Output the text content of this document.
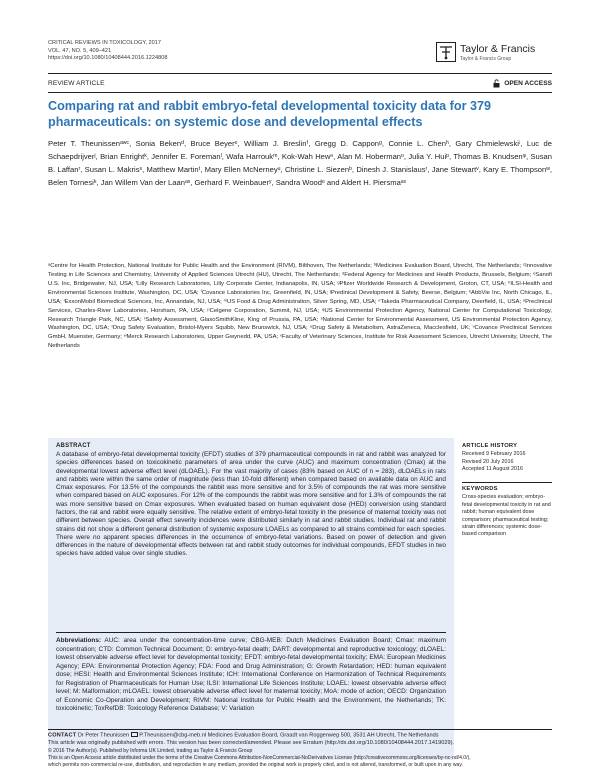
CRITICAL REVIEWS IN TOXICOLOGY, 2017
VOL. 47, NO. 5, 409–421
https://doi.org/10.1080/10408444.2016.1224808
Taylor & Francis
Taylor & Francis Group
REVIEW ARTICLE	OPEN ACCESS
Comparing rat and rabbit embryo-fetal developmental toxicity data for 379 pharmaceuticals: on systemic dose and developmental effects
Peter T. Theunissenᵃʷᶜ, Sonia Bekenᵈ, Bruce Beyerᵉ, William J. Breslinᶠ, Gregg D. Capponᵍ, Connie L. Chenʰ, Gary Chmielewskiⁱ, Luc de Schaepdrijverʲ, Brian Enrightᵏ, Jennifer E. Foremanˡ, Wafa Harroukᵐ, Kok-Wah Hewⁿ, Alan M. Hobermanᵒ, Julia Y. Huiᵖ, Thomas B. Knudsenᵠ, Susan B. Laffanʳ, Susan L. Makrisˢ, Matthew Martinᵗ, Mary Ellen McNerneyᵘ, Christine L. Siezenᵇ, Dinesh J. Stanislausʳ, Jane Stewartᵛ, Kary E. Thompsonʷ, Belen Tornesiᵏ, Jan Willem Van der Laanᵃˣ, Gerhard F. Weinbauerʸ, Sandra Woodᵉ and Aldert H. Piersmaᵃˣ
ᵃCentre for Health Protection, National Institute for Public Health and the Environment (RIVM), Bilthoven, The Netherlands; ᵇMedicines Evaluation Board, Utrecht, The Netherlands; ᶜInnovative Testing in Life Sciences and Chemistry, University of Applied Sciences Utrecht (HU), Utrecht, The Netherlands; ᵈFederal Agency for Medicines and Health Products, Brussels, Belgium; ᵉSanofi U.S. Inc, Bridgewater, NJ, USA; ᶠLilly Research Laboratories, Lilly Corporate Center, Indianapolis, IN, USA; ᵍPfizer Worldwide Research & Development, Groton, CT, USA; ʰILSI-Health and Environmental Sciences Institute, Washington, DC, USA; ⁱCovance Laboratories Inc, Greenfield, IN, USA; ʲPredinical Development & Safety, Beerse, Belgium; ᵏAbbVie Inc, North Chicago, IL, USA; ˡExxonMobil Biomedical Sciences, Inc, Annandale, NJ, USA; ᵐUS Food & Drug Administration, Silver Spring, MD, USA; ⁿTakeda Pharmaceutical Company, Deerfield, IL, USA; ᵒPreclinical Services, Charles-River Laboratories, Horsham, PA, USA; ᵖCelgene Corporation, Summit, NJ, USA; ᵠUS Environmental Protection Agency, National Center for Computational Toxicology, Research Triangle Park, NC, USA; ʳSafety Assessment, GlaxoSmithKline, King of Prussia, PA, USA; ˢNational Center for Environmental Assessment, US Environmental Protection Agency, Washington, DC, USA; ᵗDrug Safety Evaluation, Bristol-Myers Squibb, New Brunswick, NJ, USA; ᵘDrug Safety & Metabolism, AstraZeneca, Macclesfield, UK; ᵛCovance Preclinical Services GmbH, Muenster, Germany; ʷMerck Research Laboratories, Upper Gwynedd, PA, USA; ˣFaculty of Veterinary Sciences, Institute for Risk Assessment Sciences, Utrecht University, Utrecht, The Netherlands
ABSTRACT
A database of embryo-fetal developmental toxicity (EFDT) studies of 379 pharmaceutical compounds in rat and rabbit was analyzed for species differences based on toxicokinetic parameters of area under the curve (AUC) and maximum concentration (Cmax) at the developmental lowest adverse effect level (dLOAEL). For the vast majority of cases (83% based on AUC of n = 283), dLOAELs in rats and rabbits were within the same order of magnitude (less than 10-fold different) when compared based on available data on AUC and Cmax exposures. For 13.5% of the compounds the rabbit was more sensitive and for 3.5% of compounds the rat was more sensitive when compared based on AUC exposures. For 12% of the compounds the rabbit was more sensitive and for 1.3% of compounds the rat was more sensitive based on Cmax exposures. When evaluated based on human equivalent dose (HED) conversion using standard factors, the rat and rabbit were equally sensitive. The relative extent of embryo-fetal toxicity in the presence of maternal toxicity was not different between species. Overall effect severity incidences were distributed similarly in rat and rabbit studies. Individual rat and rabbit strains did not show a different general distribution of systemic exposure LOAELs as compared to all strains combined for each species. There were no apparent species differences in the occurrence of embryo-fetal variations. Based on power of detection and given differences in the nature of developmental effects between rat and rabbit study outcomes for individual compounds, EFDT studies in two species have added value over single studies.
Abbreviations: AUC: area under the concentration-time curve; CBG-MEB: Dutch Medicines Evaluation Board; Cmax: maximum concentration; CTD: Common Technical Document; D: embryo-fetal death; DART: developmental and reproductive toxicology; dLOAEL: lowest observable adverse effect level for developmental toxicity; EFDT: embryo-fetal developmental toxicity; EMA: European Medicines Agency; EPA: Environmental Protection Agency; FDA: Food and Drug Administration; G: Growth Retardation; HED: human equivalent dose; HESI: Health and Environmental Sciences Institute; ICH: International Conference on Harmonization of Technical Requirements for Registration of Pharmaceuticals for Human Use; ILSI: International Life Sciences Institute; LOAEL: lowest observable adverse effect level; M: Malformation; mLOAEL: lowest observable adverse effect level for maternal toxicity; MoA: mode of action; OECD: Organization of Economic Co-Operation and Development; RIVM: National Institute for Public Health and the Environment, the Netherlands; TK: toxicokinetic; ToxRefDB: Toxicology Reference Database; V: Variation
ARTICLE HISTORY
Received 9 February 2016
Revised 20 July 2016
Accepted 11 August 2016
KEYWORDS
Cross-species evaluation; embryo-fetal developmental toxicity in rat and rabbit; human equivalent dose comparison; pharmaceutical testing; strain differences; systemic dose-based comparison
CONTACT Dr Peter Theunissen P.Theunissen@cbg-meb.nl Medicines Evaluation Board, Graadt van Roggenweg 500, 3531 AH Utrecht, The Netherlands
This article was originally published with errors. This version has been corrected/amended. Please see Erratum (http://dx.doi.org/10.1080/10408444.2017.1419029).
© 2016 The Author(s). Published by Informa UK Limited, trading as Taylor & Francis Group
This is an Open Access article distributed under the terms of the Creative Commons Attribution-NonCommercial-NoDerivatives License (http://creativecommons.org/licenses/by-nc-nd/4.0/),
which permits non-commercial re-use, distribution, and reproduction in any medium, provided the original work is properly cited, and is not altered, transformed, or built upon in any way.
